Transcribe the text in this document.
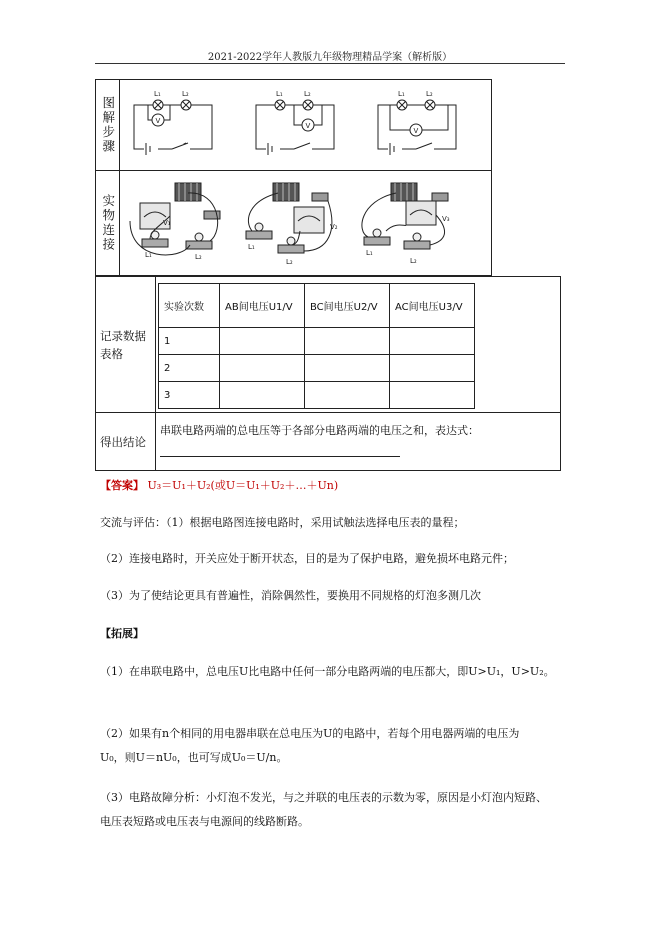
2021-2022学年人教版九年级物理精品学案（解析版）
图解步骤
L₁	L₂
V
L₁	L₂
V
L₁	L₂
V
实物连接	V₁
L₁	L₂
V₂
L₁
L₂
V₃
L₁
L₂
记录数据表格
实验次数	AB间电压U1/V	BC间电压U2/V	AC间电压U3/V
1			
2			
3			
得出结论
串联电路两端的总电压等于各部分电路两端的电压之和，表达式：
【答案】 U₃＝U₁＋U₂(或U＝U₁＋U₂＋…＋Un)
交流与评估：（1）根据电路图连接电路时，采用试触法选择电压表的量程；
（2）连接电路时，开关应处于断开状态，目的是为了保护电路，避免损坏电路元件；
（3）为了使结论更具有普遍性，消除偶然性，要换用不同规格的灯泡多测几次
【拓展】
（1）在串联电路中，总电压U比电路中任何一部分电路两端的电压都大，即U>U₁，U>U₂。
（2）如果有n个相同的用电器串联在总电压为U的电路中，若每个用电器两端的电压为
U₀，则U＝nU₀，也可写成U₀＝U/n。
（3）电路故障分析：小灯泡不发光，与之并联的电压表的示数为零，原因是小灯泡内短路、
电压表短路或电压表与电源间的线路断路。
